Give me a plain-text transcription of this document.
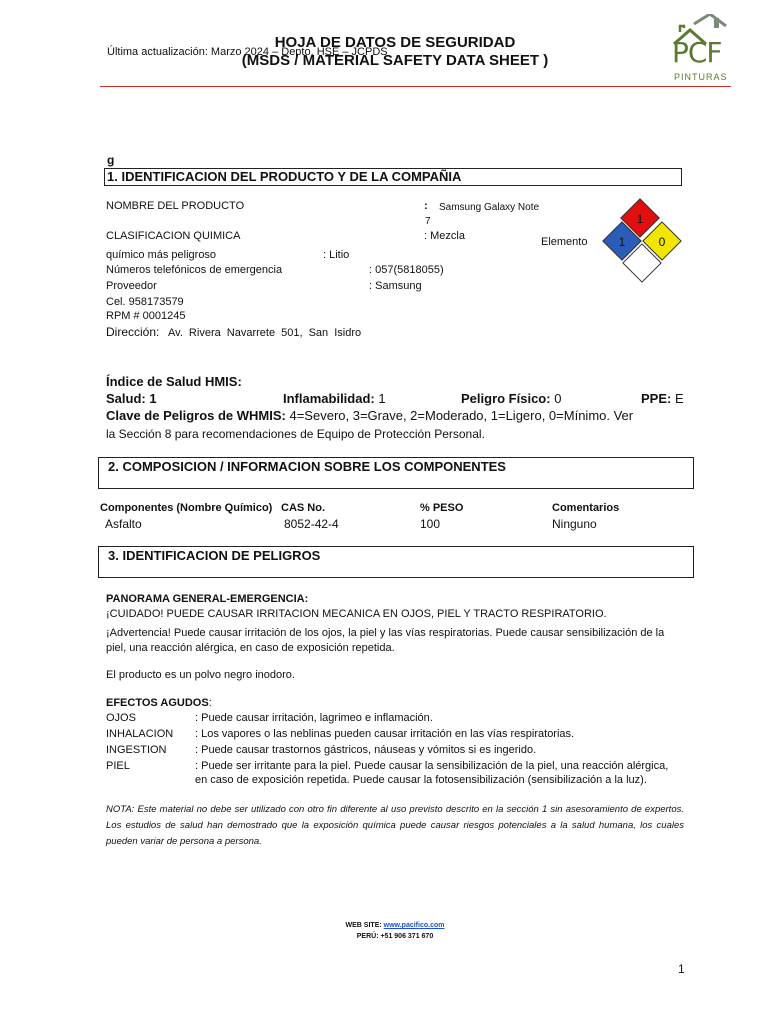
Última actualización: Marzo 2024 – Depto. HSE – JCPDS
HOJA DE DATOS DE SEGURIDAD
(MSDS / MATERIAL SAFETY DATA SHEET )	PCF
PINTURAS
g
1. IDENTIFICACION DEL PRODUCTO Y DE LA COMPAÑIA
NOMBRE DEL PRODUCTO	: Samsung Galaxy Note
7
CLASIFICACION QUIMICA	: Mezcla	Elemento
1
1	0
químico más peligroso	: Litio
Números telefónicos de emergencia	: 057(5818055)
Proveedor	: Samsung
Cel. 958173579
RPM # 0001245
Dirección: Av. Rivera Navarrete 501, San Isidro
Índice de Salud HMIS:
Salud: 1	Inflamabilidad: 1	Peligro Físico: 0	PPE: E
Clave de Peligros de WHMIS: 4=Severo, 3=Grave, 2=Moderado, 1=Ligero, 0=Mínimo. Ver
la Sección 8 para recomendaciones de Equipo de Protección Personal.
2. COMPOSICION / INFORMACION SOBRE LOS COMPONENTES
Componentes (Nombre Químico) CAS No.	% PESO	Comentarios
Asfalto	8052-42-4	100	Ninguno
3. IDENTIFICACION DE PELIGROS
PANORAMA GENERAL-EMERGENCIA:
¡CUIDADO! PUEDE CAUSAR IRRITACION MECANICA EN OJOS, PIEL Y TRACTO RESPIRATORIO.
¡Advertencia! Puede causar irritación de los ojos, la piel y las vías respiratorias. Puede causar sensibilización de la piel, una reacción alérgica, en caso de exposición repetida.
El producto es un polvo negro inodoro.
EFECTOS AGUDOS:
OJOS	: Puede causar irritación, lagrimeo e inflamación.
INHALACION : Los vapores o las neblinas pueden causar irritación en las vías respiratorias.
INGESTION	: Puede causar trastornos gástricos, náuseas y vómitos si es ingerido.
PIEL	: Puede ser irritante para la piel. Puede causar la sensibilización de la piel, una reacción alérgica,
en caso de exposición repetida. Puede causar la fotosensibilización (sensibilización a la luz).
NOTA: Este material no debe ser utilizado con otro fin diferente al uso previsto descrito en la sección 1 sin asesoramiento de expertos. Los estudios de salud han demostrado que la exposición química puede causar riesgos potenciales a la salud humana, los cuales pueden variar de persona a persona.
WEB SITE: www.pacifico.com
PERÚ: +51 906 371 670
1
